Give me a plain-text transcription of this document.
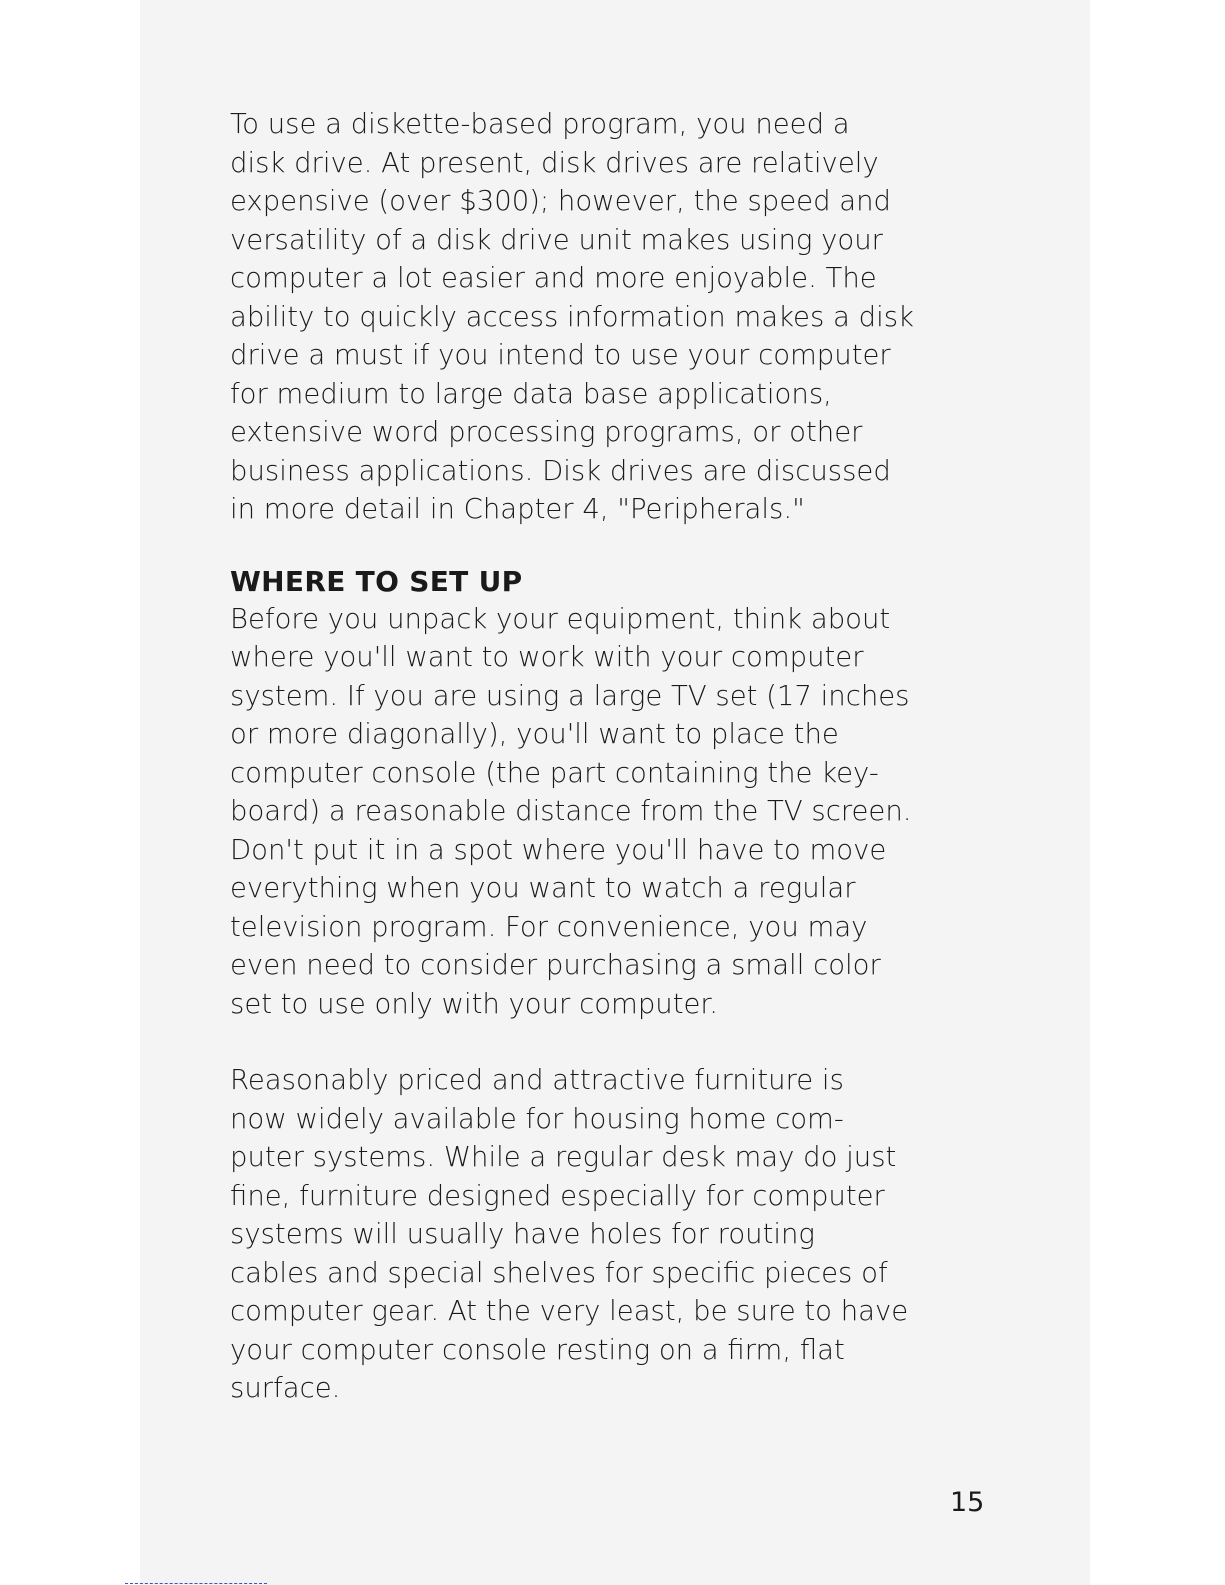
To use a diskette-based program, you need a
disk drive. At present, disk drives are relatively
expensive (over $300); however, the speed and
versatility of a disk drive unit makes using your
computer a lot easier and more enjoyable. The
ability to quickly access information makes a disk
drive a must if you intend to use your computer
for medium to large data base applications,
extensive word processing programs, or other
business applications. Disk drives are discussed
in more detail in Chapter 4, "Peripherals."

WHERE TO SET UP

Before you unpack your equipment, think about
where you'll want to work with your computer
system. If you are using a large TV set (17 inches
or more diagonally), you'll want to place the
computer console (the part containing the key-
board) a reasonable distance from the TV screen.
Don't put it in a spot where you'll have to move
everything when you want to watch a regular
television program. For convenience, you may
even need to consider purchasing a small color
set to use only with your computer.

Reasonably priced and attractive furniture is
now widely available for housing home com-
puter systems. While a regular desk may do just
fine, furniture designed especially for computer
systems will usually have holes for routing
cables and special shelves for specific pieces of
computer gear. At the very least, be sure to have
your computer console resting on a firm, flat
surface.

15
